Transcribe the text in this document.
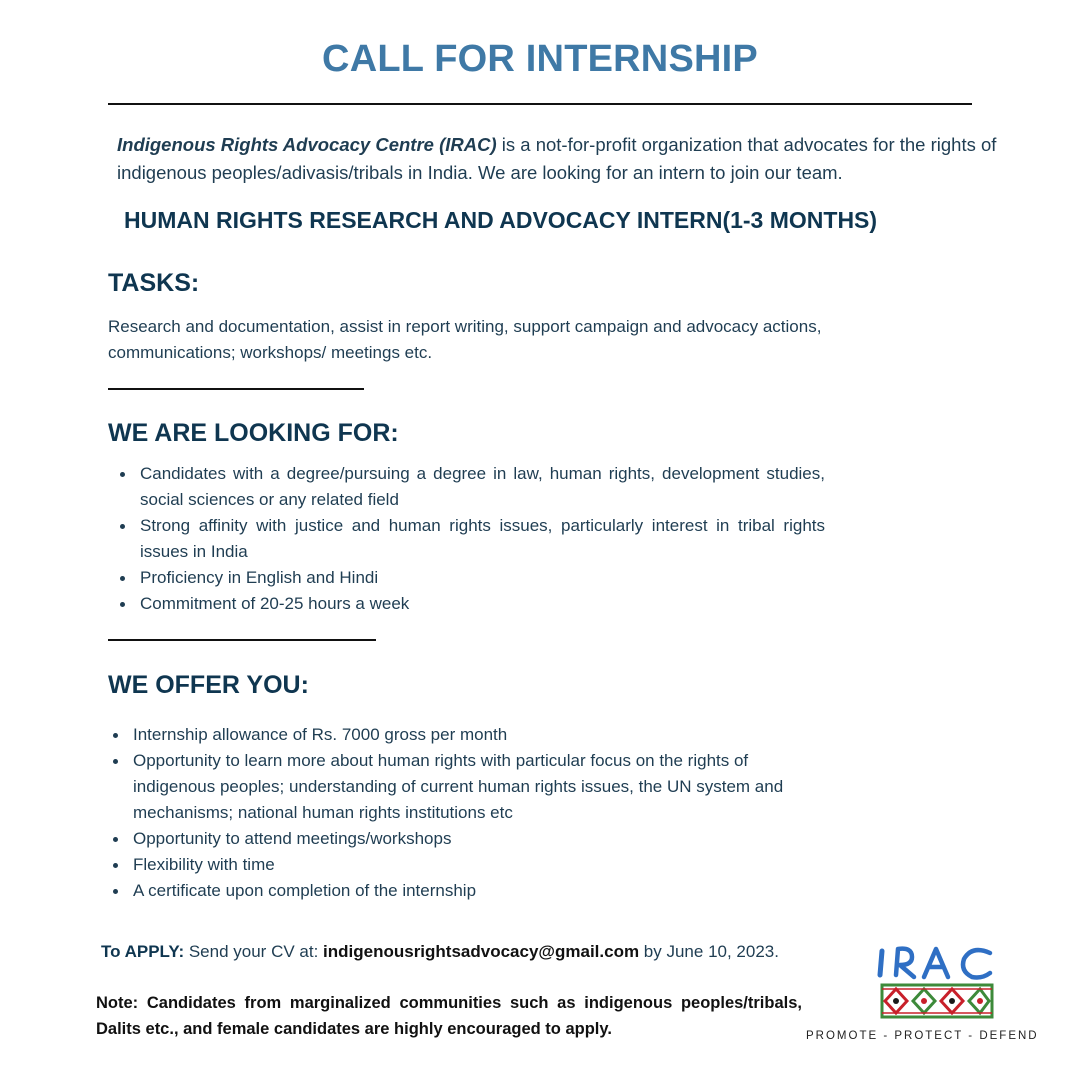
CALL FOR INTERNSHIP
Indigenous Rights Advocacy Centre (IRAC) is a not-for-profit organization that advocates for the rights of indigenous peoples/adivasis/tribals in India. We are looking for an intern to join our team.
HUMAN RIGHTS RESEARCH AND ADVOCACY INTERN(1-3 MONTHS)
TASKS:
Research and documentation, assist in report writing, support campaign and advocacy actions, communications; workshops/ meetings etc.
WE ARE LOOKING FOR:
Candidates with a degree/pursuing a degree in law, human rights, development studies, social sciences or any related field
Strong affinity with justice and human rights issues, particularly interest in tribal rights issues in India
Proficiency in English and Hindi
Commitment of 20-25 hours a week
WE OFFER YOU:
Internship allowance of Rs. 7000 gross per month
Opportunity to learn more about human rights with particular focus on the rights of indigenous peoples; understanding of current human rights issues, the UN system and mechanisms; national human rights institutions etc
Opportunity to attend meetings/workshops
Flexibility with time
A certificate upon completion of the internship
To APPLY: Send your CV at: indigenousrightsadvocacy@gmail.com by June 10, 2023.
Note: Candidates from marginalized communities such as indigenous peoples/tribals, Dalits etc., and female candidates are highly encouraged to apply.	PROMOTE - PROTECT - DEFEND
